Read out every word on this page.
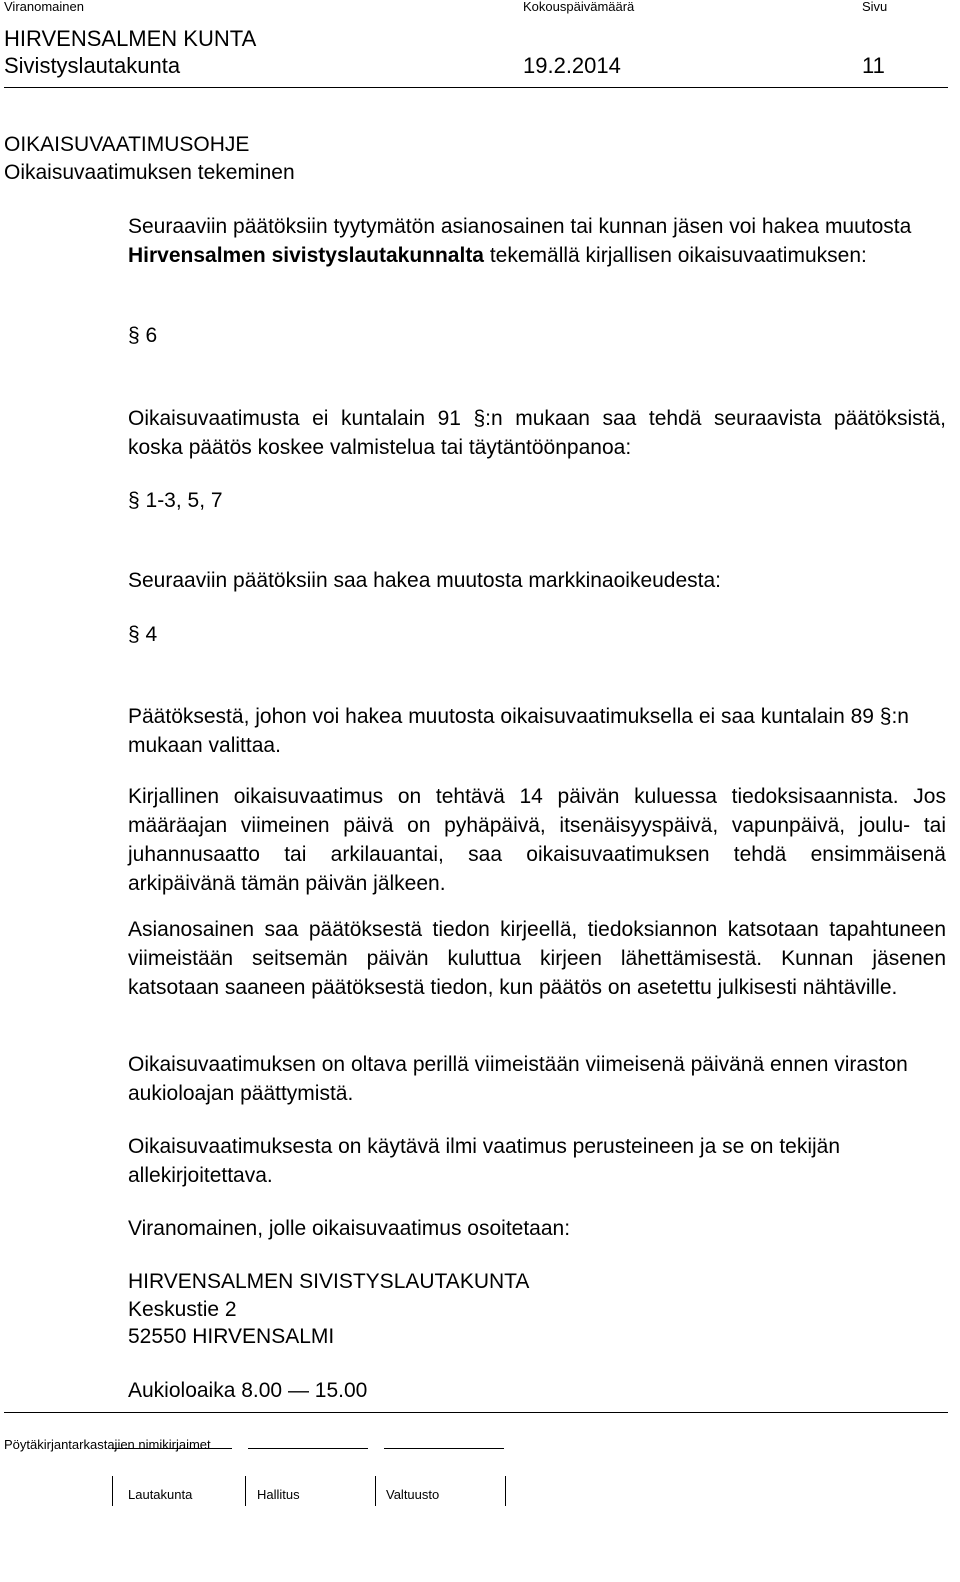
Viranomainen	Kokouspäivämäärä	Sivu
HIRVENSALMEN KUNTA
Sivistyslautakunta	19.2.2014	11
OIKAISUVAATIMUSOHJE
Oikaisuvaatimuksen tekeminen
Seuraaviin päätöksiin tyytymätön asianosainen tai kunnan jäsen voi hakea muutosta Hirvensalmen sivistyslautakunnalta tekemällä kirjallisen oikaisuvaatimuksen:
§ 6
Oikaisuvaatimusta ei kuntalain 91 §:n mukaan saa tehdä seuraavista päätöksistä, koska päätös koskee valmistelua tai täytäntöönpanoa:
§ 1-3, 5, 7
Seuraaviin päätöksiin saa hakea muutosta markkinaoikeudesta:
§ 4
Päätöksestä, johon voi hakea muutosta oikaisuvaatimuksella ei saa kuntalain 89 §:n mukaan valittaa.
Kirjallinen oikaisuvaatimus on tehtävä 14 päivän kuluessa tiedoksisaannista. Jos määräajan viimeinen päivä on pyhäpäivä, itsenäisyyspäivä, vapunpäivä, joulu- tai juhannusaatto tai arkilauantai, saa oikaisuvaatimuksen tehdä ensimmäisenä arkipäivänä tämän päivän jälkeen.
Asianosainen saa päätöksestä tiedon kirjeellä, tiedoksiannon katsotaan tapahtuneen viimeistään seitsemän päivän kuluttua kirjeen lähettämisestä. Kunnan jäsenen katsotaan saaneen päätöksestä tiedon, kun päätös on asetettu julkisesti nähtäville.
Oikaisuvaatimuksen on oltava perillä viimeistään viimeisenä päivänä ennen viraston aukioloajan päättymistä.
Oikaisuvaatimuksesta on käytävä ilmi vaatimus perusteineen ja se on tekijän allekirjoitettava.
Viranomainen, jolle oikaisuvaatimus osoitetaan:
HIRVENSALMEN SIVISTYSLAUTAKUNTA
Keskustie 2
52550 HIRVENSALMI
Aukioloaika 8.00 — 15.00
Pöytäkirjantarkastajien nimikirjaimet
Lautakunta	Hallitus	Valtuusto
